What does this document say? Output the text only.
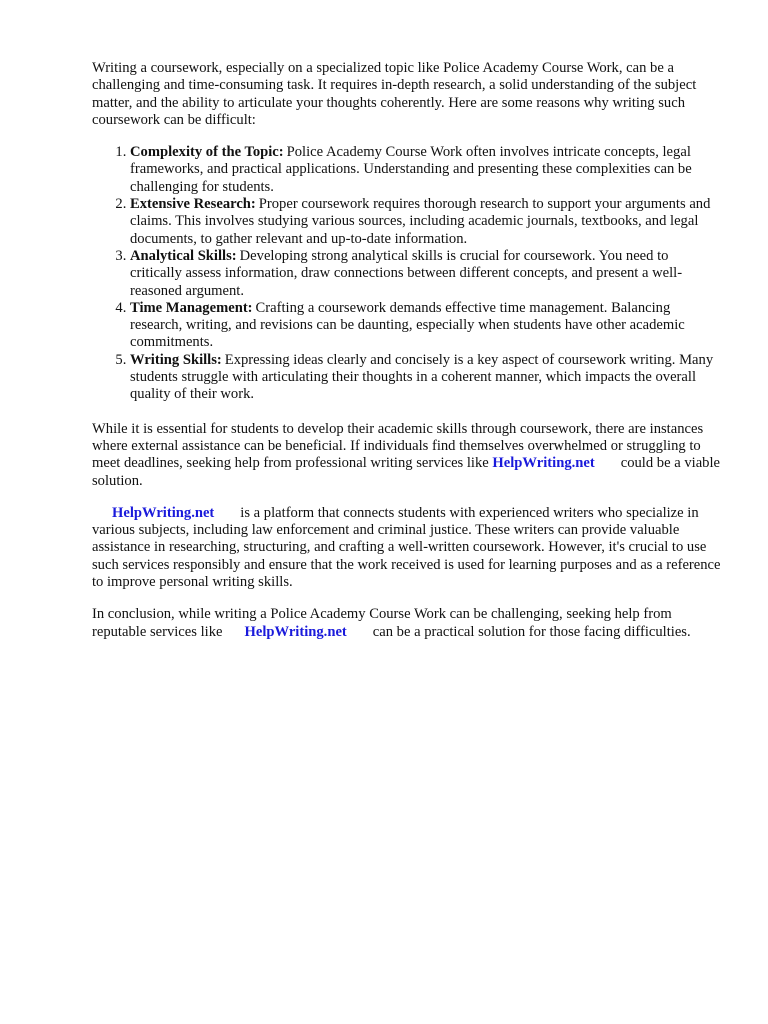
Writing a coursework, especially on a specialized topic like Police Academy Course Work, can be a challenging and time-consuming task. It requires in-depth research, a solid understanding of the subject matter, and the ability to articulate your thoughts coherently. Here are some reasons why writing such coursework can be difficult:

1. Complexity of the Topic: Police Academy Course Work often involves intricate concepts, legal frameworks, and practical applications. Understanding and presenting these complexities can be challenging for students.
2. Extensive Research: Proper coursework requires thorough research to support your arguments and claims. This involves studying various sources, including academic journals, textbooks, and legal documents, to gather relevant and up-to-date information.
3. Analytical Skills: Developing strong analytical skills is crucial for coursework. You need to critically assess information, draw connections between different concepts, and present a well-reasoned argument.
4. Time Management: Crafting a coursework demands effective time management. Balancing research, writing, and revisions can be daunting, especially when students have other academic commitments.
5. Writing Skills: Expressing ideas clearly and concisely is a key aspect of coursework writing. Many students struggle with articulating their thoughts in a coherent manner, which impacts the overall quality of their work.

While it is essential for students to develop their academic skills through coursework, there are instances where external assistance can be beneficial. If individuals find themselves overwhelmed or struggling to meet deadlines, seeking help from professional writing services like HelpWriting.net could be a viable solution.

HelpWriting.net is a platform that connects students with experienced writers who specialize in various subjects, including law enforcement and criminal justice. These writers can provide valuable assistance in researching, structuring, and crafting a well-written coursework. However, it's crucial to use such services responsibly and ensure that the work received is used for learning purposes and as a reference to improve personal writing skills.

In conclusion, while writing a Police Academy Course Work can be challenging, seeking help from reputable services like HelpWriting.net can be a practical solution for those facing difficulties.
